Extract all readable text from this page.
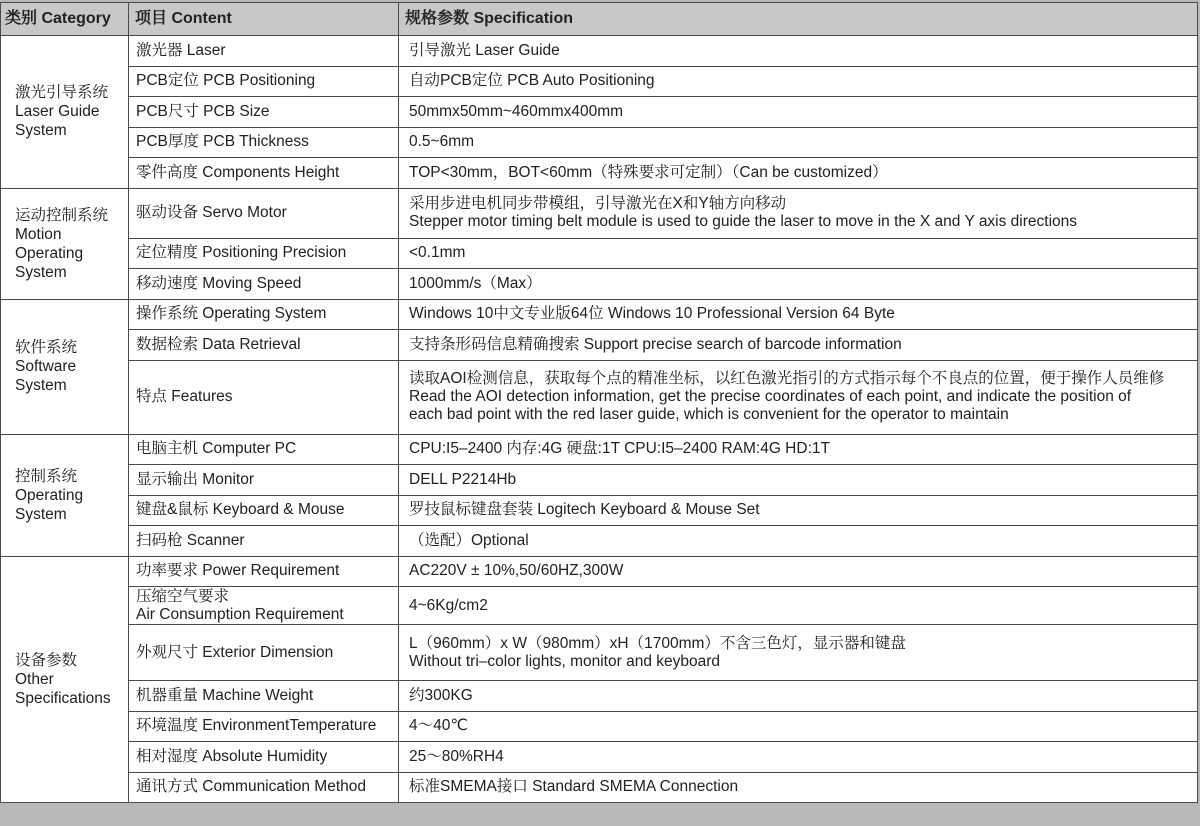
类别 Category	项目 Content	规格参数 Specification

激光引导系统
Laser Guide
System	激光器 Laser	引导激光 Laser Guide
	PCB定位 PCB Positioning	自动PCB定位 PCB Auto Positioning
	PCB尺寸 PCB Size	50mmx50mm~460mmx400mm
	PCB厚度 PCB Thickness	0.5~6mm
	零件高度 Components Height	TOP<30mm，BOT<60mm（特殊要求可定制）（Can be customized）

运动控制系统
Motion
Operating
System	驱动设备 Servo Motor	采用步进电机同步带模组，引导激光在X和Y轴方向移动
Stepper motor timing belt module is used to guide the laser to move in the X and Y axis directions

	定位精度 Positioning Precision	<0.1mm
	移动速度 Moving Speed	1000mm/s（Max）

软件系统
Software
System	操作系统 Operating System	Windows 10中文专业版64位 Windows 10 Professional Version 64 Byte
	数据检索 Data Retrieval	支持条形码信息精确搜索 Support precise search of barcode information
	特点 Features	读取AOI检测信息，获取每个点的精准坐标，以红色激光指引的方式指示每个不良点的位置，便于操作人员维修
Read the AOI detection information, get the precise coordinates of each point, and indicate the position of
each bad point with the red laser guide, which is convenient for the operator to maintain

控制系统
Operating
System	电脑主机 Computer PC	CPU:I5–2400 内存:4G 硬盘:1T CPU:I5–2400 RAM:4G HD:1T
	显示输出 Monitor	DELL P2214Hb
	键盘&鼠标 Keyboard & Mouse	罗技鼠标键盘套装 Logitech Keyboard & Mouse Set
	扫码枪 Scanner	（选配）Optional

设备参数
Other
Specifications	功率要求 Power Requirement	AC220V ± 10%,50/60HZ,300W

	压缩空气要求
Air Consumption Requirement	4~6Kg/cm2
	外观尺寸 Exterior Dimension	L（960mm）x W（980mm）xH（1700mm）不含三色灯，显示器和键盘
Without tri–color lights, monitor and keyboard

	机器重量 Machine Weight	约300KG
	环境温度 EnvironmentTemperature	4～40℃
	相对湿度 Absolute Humidity	25～80%RH4
	通讯方式 Communication Method	标准SMEMA接口 Standard SMEMA Connection
